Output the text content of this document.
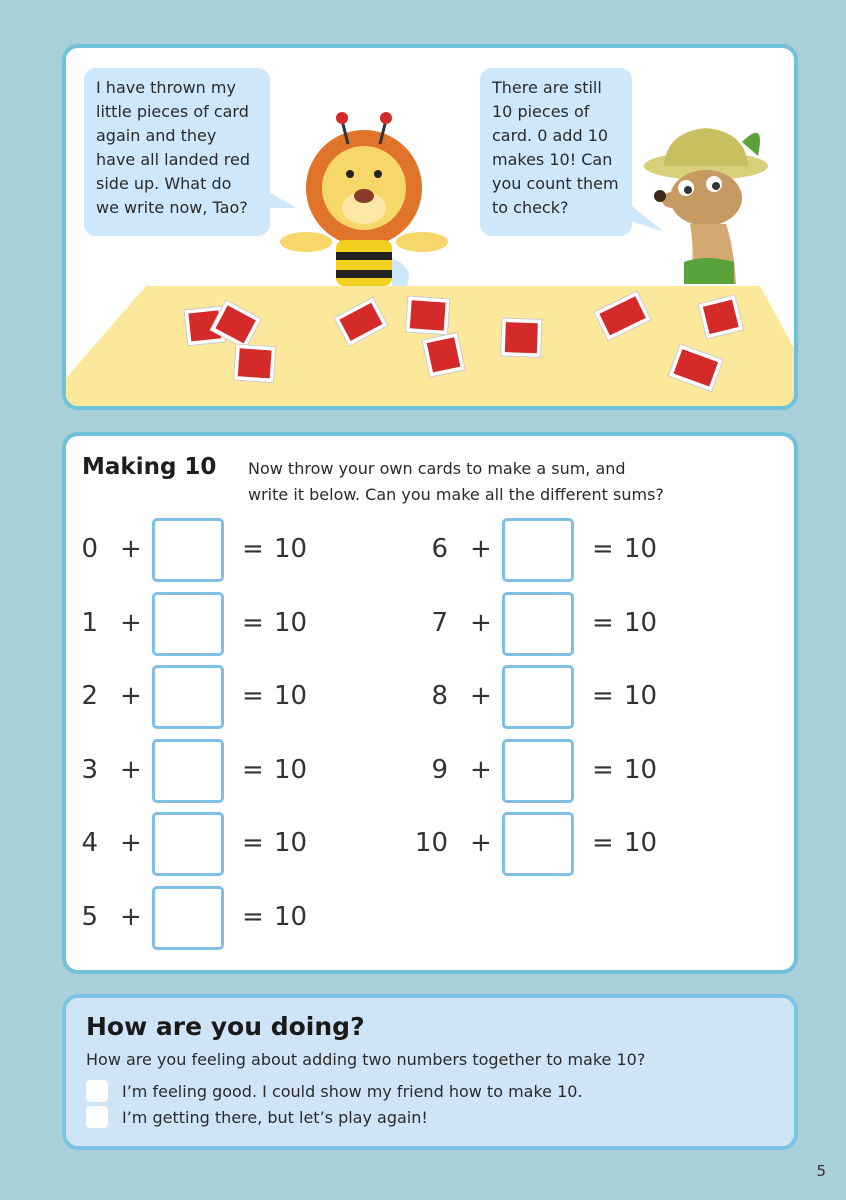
I have thrown my

little pieces of card

again and they

have all landed red

side up. What do

we write now, Tao?

There are still

10 pieces of

card. 0 add 10

makes 10! Can

you count them

to check?

Making 10 Now throw your own cards to make a sum, and
write it below. Can you make all the different sums?
0 +	= 10
1 +	= 10
2 +	= 10
3 +	= 10
4 +	= 10
5 +	= 10
6 +	= 10
7 +	= 10
8 +	= 10
9 +	= 10
10 +	= 10
How are you doing?
How are you feeling about adding two numbers together to make 10?
I’m feeling good. I could show my friend how to make 10.
I’m getting there, but let’s play again!
5
